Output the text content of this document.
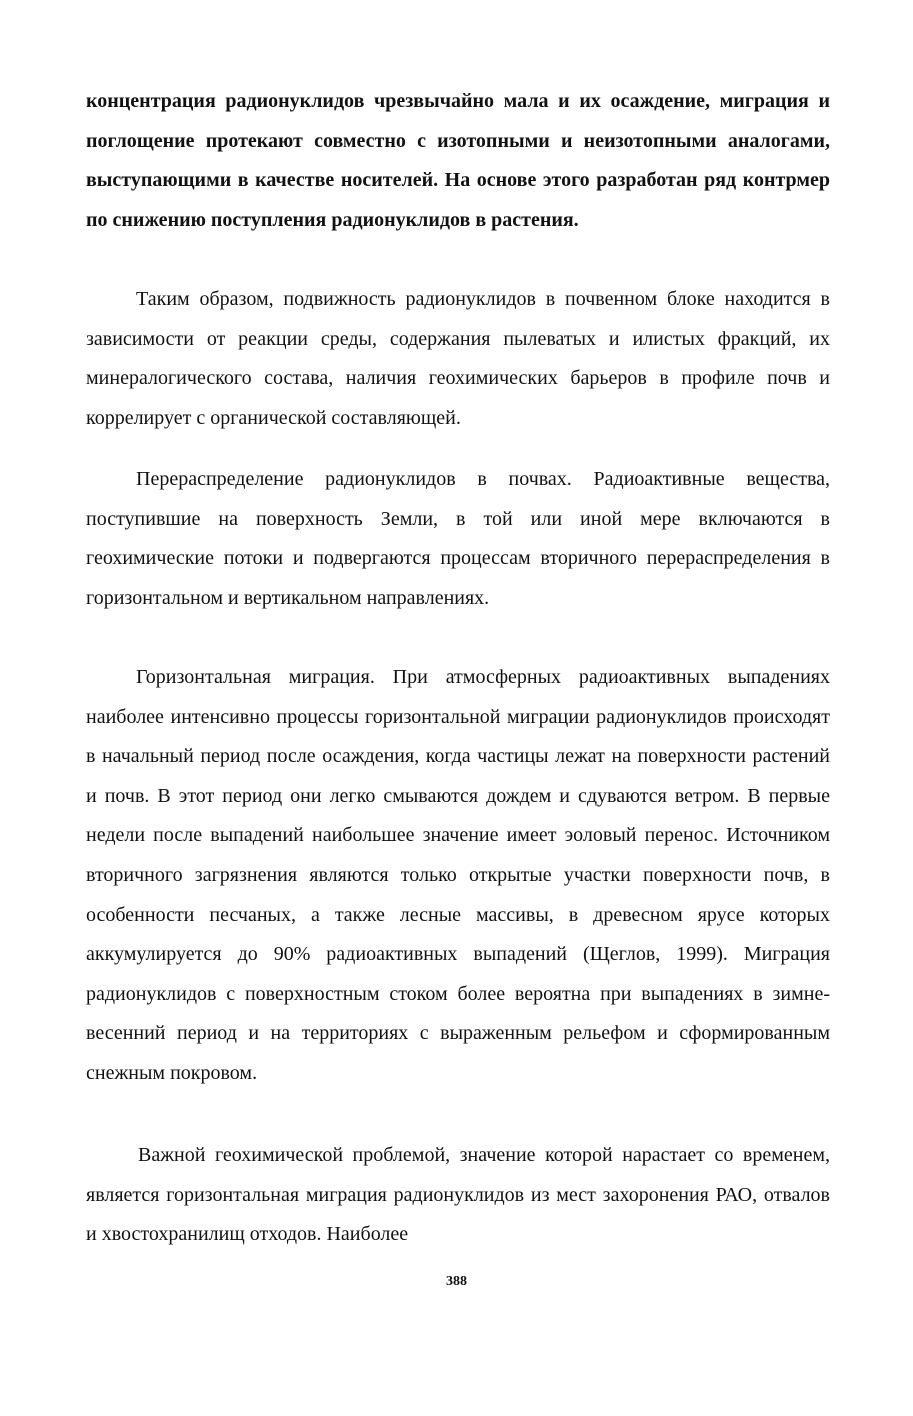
концентрация радионуклидов чрезвычайно мала и их осаждение, миграция и поглощение протекают совместно с изотопными и неизотопными аналогами, выступающими в качестве носителей. На основе этого разработан ряд контрмер по снижению поступления радионуклидов в растения.

Таким образом, подвижность радионуклидов в почвенном блоке находится в зависимости от реакции среды, содержания пылеватых и илистых фракций, их минералогического состава, наличия геохимических барьеров в профиле почв и коррелирует с органической составляющей.

Перераспределение радионуклидов в почвах. Радиоактивные вещества, поступившие на поверхность Земли, в той или иной мере включаются в геохимические потоки и подвергаются процессам вторичного перераспределения в горизонтальном и вертикальном направлениях.

Горизонтальная миграция. При атмосферных радиоактивных выпадениях наиболее интенсивно процессы горизонтальной миграции радионуклидов происходят в начальный период после осаждения, когда частицы лежат на поверхности растений и почв. В этот период они легко смываются дождем и сдуваются ветром. В первые недели после выпадений наибольшее значение имеет эоловый перенос. Источником вторичного загрязнения являются только открытые участки поверхности почв, в особенности песчаных, а также лесные массивы, в древесном ярусе которых аккумулируется до 90% радиоактивных выпадений (Щеглов, 1999). Миграция радионуклидов с поверхностным стоком более вероятна при выпадениях в зимне-весенний период и на территориях с выраженным рельефом и сформированным снежным покровом.

Важной геохимической проблемой, значение которой нарастает со временем, является горизонтальная миграция радионуклидов из мест захоронения РАО, отвалов и хвостохранилищ отходов. Наиболее

388
